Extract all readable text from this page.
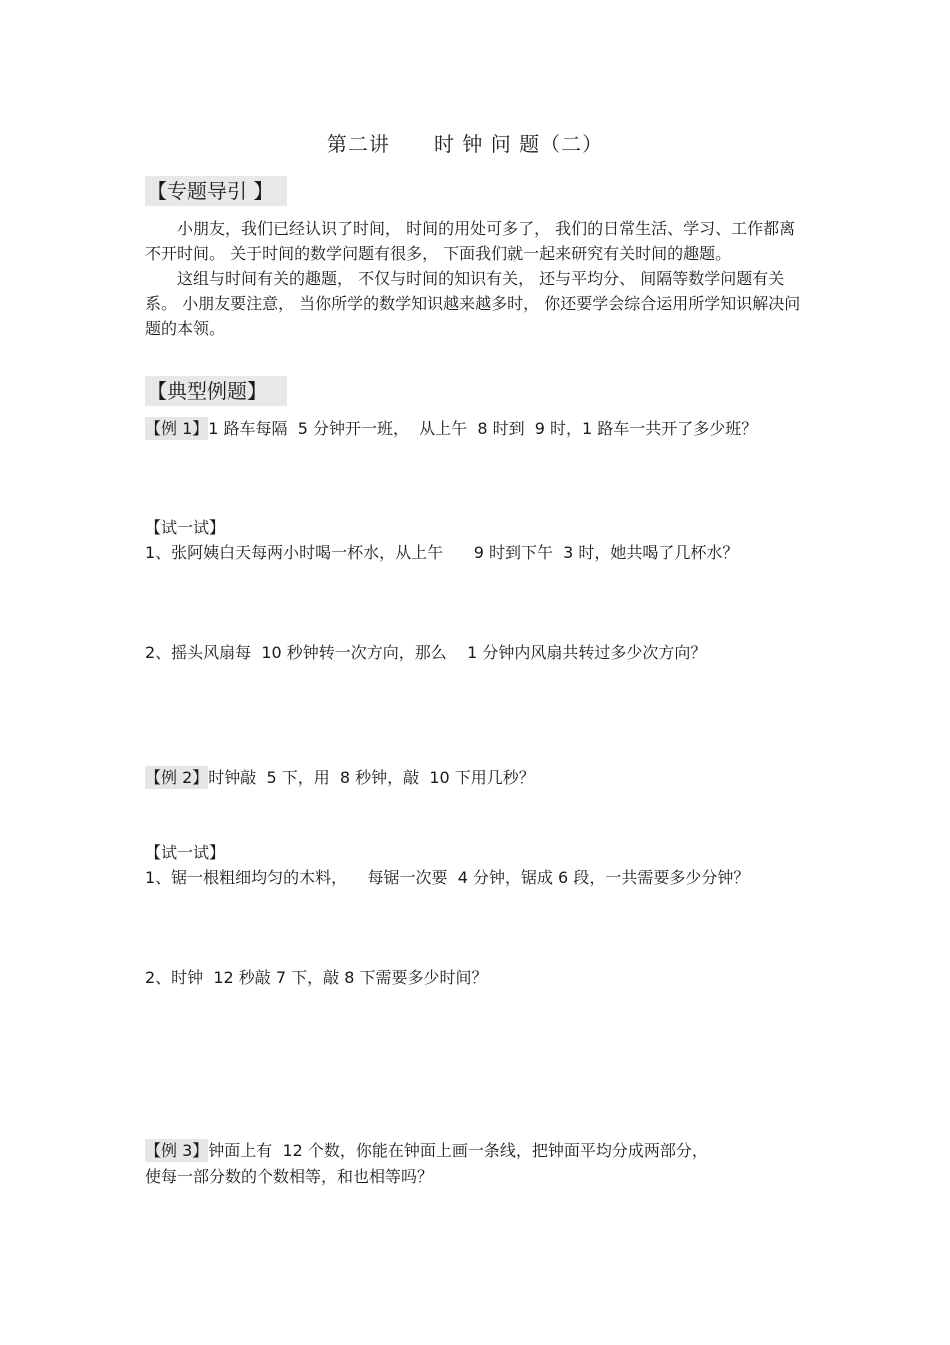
第二讲      时 钟 问 题（二）
【专题导引 】

小朋友，我们已经认识了时间， 时间的用处可多了， 我们的日常生活、学习、工作都离不开时间。 关于时间的数学问题有很多， 下面我们就一起来研究有关时间的趣题。

这组与时间有关的趣题， 不仅与时间的知识有关， 还与平均分、 间隔等数学问题有关系。 小朋友要注意， 当你所学的数学知识越来越多时， 你还要学会综合运用所学知识解决问题的本领。

【典型例题】
【例 1】1 路车每隔  5 分钟开一班，  从上午  8 时到  9 时，1 路车一共开了多少班？
【试一试】
1、张阿姨白天每两小时喝一杯水，从上午      9 时到下午  3 时，她共喝了几杯水？
2、摇头风扇每  10 秒钟转一次方向，那么    1 分钟内风扇共转过多少次方向？
【例 2】时钟敲  5 下，用  8 秒钟，敲  10 下用几秒？
【试一试】
1、锯一根粗细均匀的木料，    每锯一次要  4 分钟，锯成 6 段，一共需要多少分钟？
2、时钟  12 秒敲 7 下，敲 8 下需要多少时间？
【例 3】钟面上有  12 个数，你能在钟面上画一条线，把钟面平均分成两部分，
使每一部分数的个数相等，和也相等吗？
